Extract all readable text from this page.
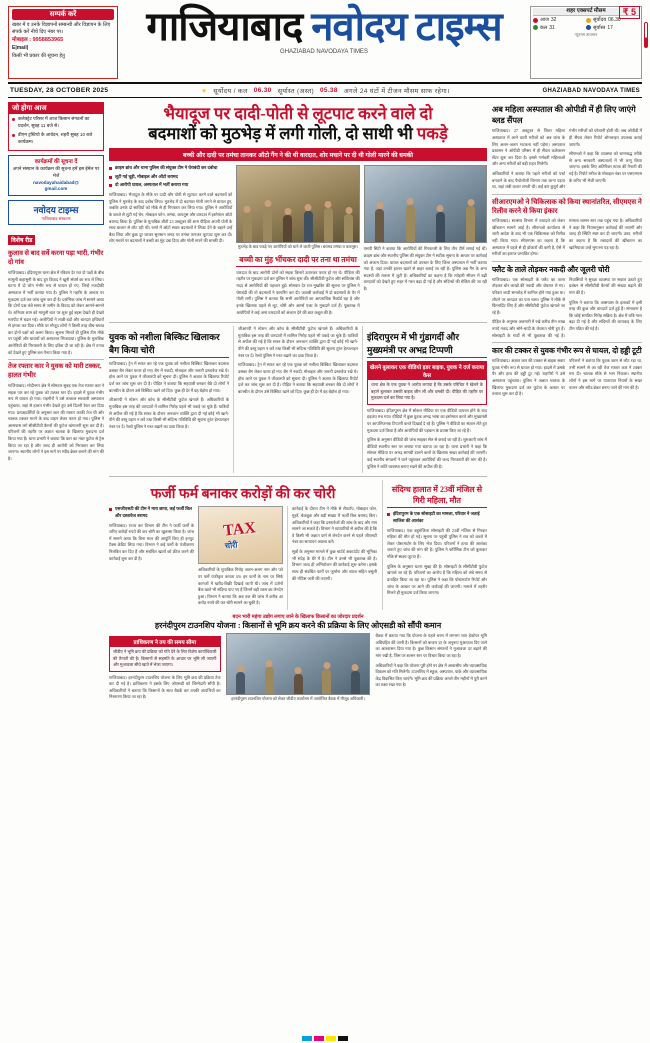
सम्पर्क करें
खबर में व उनके विज्ञापनों सम्बन्धी और विज्ञापन के लिए संपर्क करें नीचे दिए नंबर पर।
मोबाइल : 9958853965
E|mail|
किसी भी प्रकार की सूचना हेतु
गाजियाबाद नवोदय टाइम्स
GHAZIABAD NAVODAYA TIMES
शहर एक्सपर्ट मौसम
आज 32
कल 31
सूर्योदय 06.30
सूर्यास्त 17
न्यूनतम तापमान
₹ 5
TUESDAY, 28 OCTOBER 2025	☀ सूर्योदय / कल 06.30 सूर्यास्त (अस्त) 05.38 अगले 24 घंटों में टीजन मौसम साफ रहेगा।	GHAZIABAD NAVODAYA TIMES
जो होगा आज
कलेक्ट्रेट परिसर में आज किसान संगठनों का प्रदर्शन, सुबह 11 बजे से।
डीएम ट्रस्टियो के आवेदन, शहरी सुबह 10 बजे कार्यक्रम।
कार्यक्रमों की सूचना दें
अपने संस्थान के कार्यक्रम की सूचना हमें इस ईमेल पर भेजें
navodayahaidabad@
gmail.com
नवोदय टाइम्स
गाजियाबाद संस्करण
विशेष रीड
कुलाव से बाद सर्वे करना पड़ा भारी, गंभीर दो गांव

गाजियाबाद। इंदिरापुरम थाना क्षेत्र में रविवार देर रात दो पक्षों के बीच मामूली कहासुनी के बाद हुए विवाद ने खूनी संघर्ष का रूप ले लिया। घटना में दो लोग गंभीर रूप से घायल हो गए, जिन्हें नजदीकी अस्पताल में भर्ती कराया गया है। पुलिस ने तहरीर के आधार पर मुकदमा दर्ज कर जांच शुरू कर दी है। प्रारंभिक जांच में सामने आया कि दोनों पक्ष लंबे समय से जमीन के विवाद को लेकर आमने-सामने थे। शनिवार शाम को मामूली बात पर शुरू हुई बहस देखते ही देखते मारपीट में बदल गई। आरोपियों ने लाठी-डंडों और धारदार हथियारों से हमला कर दिया। मौके पर मौजूद लोगों ने किसी तरह बीच-बचाव कर दोनों पक्षों को अलग किया। सूचना मिलते ही पुलिस टीम मौके पर पहुंची और घायलों को अस्पताल भिजवाया। पुलिस के मुताबिक आरोपियों की गिरफ्तारी के लिए दबिश दी जा रही है। क्षेत्र में तनाव को देखते हुए पुलिस बल तैनात किया गया है।

तेज रफ्तार कार ने युवक को मारी टक्कर, हालत गंभीर

गाजियाबाद। मोदीनगर क्षेत्र में सोमवार सुबह एक तेज रफ्तार कार ने सड़क पार कर रहे युवक को टक्कर मार दी। हादसे में युवक गंभीर रूप से घायल हो गया। राहगीरों ने उसे तत्काल सरकारी अस्पताल पहुंचाया, जहां से हालत गंभीर देखते हुए उसे दिल्ली रेफर कर दिया गया। प्रत्यक्षदर्शियों के अनुसार कार की रफ्तार काफी तेज थी और चालक टक्कर मारने के बाद वाहन लेकर फरार हो गया। पुलिस ने आसपास लगे सीसीटीवी कैमरों की फुटेज खंगालनी शुरू कर दी है। परिजनों की तहरीर पर अज्ञात चालक के खिलाफ मुकदमा दर्ज किया गया है। थाना प्रभारी ने बताया कि कार का नंबर फुटेज से ट्रेस किया जा रहा है और जल्द ही आरोपी को गिरफ्तार कर लिया जाएगा। स्थानीय लोगों ने इस मार्ग पर स्पीड ब्रेकर बनाने की मांग की है।

भैयादूज पर दादी-पोती से लूटपाट करने वाले दो
बदमाशों को मुठभेड़ में लगी गोली, दो साथी भी पकड़े
बच्ची और दादी पर तमंचा तानकर ऑटो गैंग ने की थी वारदात, शोर मचाने पर दी थी गोली मारने की धमकी
क्राइम ब्रांच और थाना पुलिस की संयुक्त टीम ने घेराबंदी कर दबोचा
लूटी गई चूड़ी, मोबाइल और ऑटो बरामद
दो आरोपी घायल, अस्पताल में भर्ती कराया गया

गाजियाबाद। भैयादूज के मौके पर दादी और पोती से लूटपाट करने वाले बदमाशों को पुलिस ने मुठभेड़ के बाद दबोच लिया। मुठभेड़ में दो बदमाश गोली लगने से घायल हुए, जबकि उनके दो साथियों को मौके से ही गिरफ्तार कर लिया गया। पुलिस ने आरोपियों के कब्जे से लूटी गई चेन, मोबाइल फोन, तमंचा, कारतूस और वारदात में इस्तेमाल ऑटो बरामद किया है। पुलिस के मुताबिक बीती 23 अक्टूबर की शाम पीड़िता अपनी पोती के साथ बाजार से लौट रही थीं। रास्ते में ऑटो सवार बदमाशों ने लिफ्ट देने के बहाने उन्हें बैठा लिया और कुछ दूर जाकर सुनसान जगह पर तमंचा तानकर लूटपाट शुरू कर दी। शोर मचाने पर बदमाशों ने बच्ची का मुंह दबा दिया और गोली मारने की धमकी दी।

मुठभेड़ के बाद पकड़े गए आरोपियों को थाने ले जाती पुलिस। बरामद तमंचा व कारतूस।
बच्ची का मुंह भींचकर दादी पर तना था तमंचा

वारदात के बाद आरोपी दोनों को सड़क किनारे उतारकर फरार हो गए थे। पीड़िता की तहरीर पर मुकदमा दर्ज कर पुलिस ने जांच शुरू की। सीसीटीवी फुटेज और सर्विलांस की मदद से आरोपियों की पहचान हुई। सोमवार देर रात मुखबिर की सूचना पर पुलिस ने घेराबंदी की तो बदमाशों ने फायरिंग कर दी। जवाबी कार्रवाई में दो बदमाशों के पैर में गोली लगी। पुलिस ने बताया कि सभी आरोपियों का आपराधिक रिकॉर्ड रहा है और इनके खिलाफ पहले से लूट, चोरी और आर्म्स एक्ट के मुकदमे दर्ज हैं। पूछताछ में आरोपियों ने कई अन्य वारदातों को अंजाम देने की बात कबूल की है।

एसपी सिटी ने बताया कि आरोपियों की गिरफ्तारी के लिए तीन टीमें लगाई गई थीं। क्राइम ब्रांच और स्थानीय पुलिस की संयुक्त टीम ने सटीक सूचना के आधार पर कार्रवाई को अंजाम दिया। घायल बदमाशों को उपचार के लिए जिला अस्पताल में भर्ती कराया गया है, जहां उनकी हालत खतरे से बाहर बताई जा रही है। पुलिस अब गैंग के अन्य सदस्यों की तलाश में जुटी है। अधिकारियों का कहना है कि त्योहारी सीजन में बढ़ी वारदातों को देखते हुए शहर में गश्त बढ़ा दी गई है और संदिग्धों की चेकिंग की जा रही है।

युवक को नशीला बिस्किट खिलाकर बैग किया चोरी

गाजियाबाद। ट्रेन में सफर कर रहे एक युवक को नशीला बिस्किट खिलाकर बदमाश उसका बैग लेकर फरार हो गए। बैग में नकदी, मोबाइल और जरूरी दस्तावेज रखे थे। होश आने पर युवक ने जीआरपी को सूचना दी। पुलिस ने अज्ञात के खिलाफ रिपोर्ट दर्ज कर जांच शुरू कर दी है। पीड़ित ने बताया कि सहयात्री बनकर बैठे दो लोगों ने बातचीत के दौरान उसे बिस्किट खाने को दिए। कुछ ही देर में वह बेहोश हो गया।

जीआरपी ने स्टेशन और कोच के सीसीटीवी फुटेज खंगाले हैं। अधिकारियों के मुताबिक इस तरह की वारदातों में शामिल गिरोह पहले भी पकड़े जा चुके हैं। यात्रियों से अपील की गई है कि सफर के दौरान अनजान व्यक्ति द्वारा दी गई कोई भी खाने-पीने की वस्तु ग्रहण न करें तथा किसी भी संदिग्ध गतिविधि की सूचना तुरंत हेल्पलाइन नंबर पर दें। रेलवे पुलिस ने गश्त बढ़ाने का दावा किया है।

जीआरपी ने स्टेशन और कोच के सीसीटीवी फुटेज खंगाले हैं। अधिकारियों के मुताबिक इस तरह की वारदातों में शामिल गिरोह पहले भी पकड़े जा चुके हैं। यात्रियों से अपील की गई है कि सफर के दौरान अनजान व्यक्ति द्वारा दी गई कोई भी खाने-पीने की वस्तु ग्रहण न करें तथा किसी भी संदिग्ध गतिविधि की सूचना तुरंत हेल्पलाइन नंबर पर दें। रेलवे पुलिस ने गश्त बढ़ाने का दावा किया है।

गाजियाबाद। ट्रेन में सफर कर रहे एक युवक को नशीला बिस्किट खिलाकर बदमाश उसका बैग लेकर फरार हो गए। बैग में नकदी, मोबाइल और जरूरी दस्तावेज रखे थे। होश आने पर युवक ने जीआरपी को सूचना दी। पुलिस ने अज्ञात के खिलाफ रिपोर्ट दर्ज कर जांच शुरू कर दी है। पीड़ित ने बताया कि सहयात्री बनकर बैठे दो लोगों ने बातचीत के दौरान उसे बिस्किट खाने को दिए। कुछ ही देर में वह बेहोश हो गया।

इंदिरापुरम में भी गुंडागर्दी और मुख्यमंत्री पर अभद्र टिप्पणी
खेलने बुलाकर एक वीडियो इडर बाइक, युवक ने दर्ज कराया केस
थाना क्षेत्र के एक युवक ने आरोप लगाया है कि उसके परिचित ने खेलने के बहाने बुलाकर उसकी बाइक छीन ली और धमकी दी। पीड़ित की तहरीर पर मुकदमा दर्ज कर लिया गया है।

गाजियाबाद। इंदिरापुरम क्षेत्र में सोशल मीडिया पर एक वीडियो वायरल होने के बाद हड़कंप मच गया। वीडियो में कुछ युवक अभद्र भाषा का इस्तेमाल करते और मुख्यमंत्री पर आपत्तिजनक टिप्पणी करते दिखाई दे रहे हैं। पुलिस ने वीडियो का संज्ञान लेते हुए मुकदमा दर्ज किया है और आरोपियों की पहचान के प्रयास किए जा रहे हैं।

पुलिस के अनुसार वीडियो की जांच साइबर सेल से कराई जा रही है। शुरुआती जांच में वीडियो स्थानीय स्तर पर बनाया गया बताया जा रहा है। थाना प्रभारी ने कहा कि सोशल मीडिया पर अभद्र सामग्री डालने वालों के खिलाफ सख्त कार्रवाई की जाएगी। कई स्थानीय संगठनों ने थाने पहुंचकर आरोपियों की जल्द गिरफ्तारी की मांग की है। पुलिस ने शांति व्यवस्था बनाए रखने की अपील की है।

फर्जी फर्म बनाकर करोड़ों की कर चोरी
एसजीएसटी की टीम ने मारा छापा, कई फर्जी बिल और दस्तावेज बरामद

गाजियाबाद। राज्य कर विभाग की टीम ने फर्जी फर्मों के जरिए करोड़ों रुपये की कर चोरी का खुलासा किया है। जांच में सामने आया कि बिना माल की आपूर्ति किए ही इनपुट टैक्स क्रेडिट लिया गया। विभाग ने कई फर्मों के पंजीकरण निलंबित कर दिए हैं और संबंधित खातों को फ्रीज करने की कार्रवाई शुरू कर दी है।

TAX
चोरी

अधिकारियों के मुताबिक गिरोह अलग-अलग नाम और पते पर फर्में पंजीकृत कराता था। इन फर्मों के नाम पर सिर्फ कागजों में खरीद-बिक्री दिखाई जाती थी। जांच में दर्जनों बैंक खाते भी संदिग्ध पाए गए हैं जिनमें बड़ी रकम का लेनदेन हुआ। विभाग ने बताया कि अब तक की जांच में करीब 40 करोड़ रुपये की कर चोरी सामने आ चुकी है।

कार्रवाई के दौरान टीम ने मौके से लैपटॉप, मोबाइल फोन, मुहरें, चेकबुक और बड़ी संख्या में फर्जी बिल बरामद किए। अधिकारियों ने कहा कि दस्तावेजों की जांच के बाद और नाम सामने आ सकते हैं। विभाग ने व्यापारियों से अपील की है कि वे किसी भी अज्ञात फर्म से लेनदेन करने से पहले जीएसटी नंबर का सत्यापन अवश्य करें।

सूत्रों के अनुसार मामले में कुछ चार्टर्ड अकाउंटेंट की भूमिका भी संदेह के घेरे में है। टीम ने उनसे भी पूछताछ की है। विभाग जल्द ही अभियोजन की कार्रवाई शुरू करेगा। इसके साथ ही संबंधित फर्मों पर जुर्माना और ब्याज सहित वसूली की नोटिस जारी की जाएगी।

संदिग्ध हालात में 23वीं मंजिल से गिरी महिला, मौत
इंदिरापुरम के एक सोसाइटी का मामला, परिवार ने जताई साजिश की आशंका

गाजियाबाद। एक बहुमंजिला सोसाइटी की 23वीं मंजिल से गिरकर महिला की मौत हो गई। सूचना पर पहुंची पुलिस ने शव को कब्जे में लेकर पोस्टमार्टम के लिए भेज दिया। परिजनों ने हत्या की आशंका जताते हुए जांच की मांग की है। पुलिस ने फॉरेंसिक टीम को बुलाकर मौके से साक्ष्य जुटाए हैं।

पुलिस के अनुसार घटना सुबह की है। सोसाइटी के सीसीटीवी फुटेज खंगाले जा रहे हैं। परिजनों का आरोप है कि महिला को लंबे समय से प्रताड़ित किया जा रहा था। पुलिस ने कहा कि पोस्टमार्टम रिपोर्ट और जांच के आधार पर आगे की कार्रवाई की जाएगी। मामले में तहरीर मिलते ही मुकदमा दर्ज किया जाएगा।

बदन भारी महंगा उद्योग लगाए जाने के खिलाफ किसानों का जोरदार प्रदर्शन
हरनंदीपुरम टाउनशिप योजना : किसानों से भूमि क्रय करने की प्रक्रिया के लिए ओएसडी को सौंपी कमान
प्राधिकरण ने तय की समय सीमा
जीडीए ने भूमि क्रय की प्रक्रिया को गति देने के लिए विशेष कार्याधिकारी की तैनाती की है। किसानों से सहमति के आधार पर भूमि ली जाएगी और मुआवजा सीधे खाते में भेजा जाएगा।

गाजियाबाद। हरनंदीपुरम टाउनशिप योजना के लिए भूमि क्रय की प्रक्रिया तेज कर दी गई है। प्राधिकरण ने इसके लिए ओएसडी को जिम्मेदारी सौंपी है। अधिकारियों ने बताया कि किसानों के साथ बैठकें कर उनकी आपत्तियों का निस्तारण किया जा रहा है।	हरनंदीपुरम टाउनशिप योजना को लेकर जीडीए कार्यालय में आयोजित बैठक में मौजूद अधिकारी।

बैठक में बताया गया कि योजना के पहले चरण में लगभग 500 हेक्टेयर भूमि अधिग्रहित की जानी है। किसानों को बाजार दर के अनुरूप मुआवजा दिए जाने का आश्वासन दिया गया है। कुछ किसान संगठनों ने मुआवजा दर बढ़ाने की मांग रखी है, जिस पर शासन स्तर पर विचार किया जा रहा है।

अधिकारियों ने कहा कि योजना पूरी होने पर क्षेत्र में आवासीय और व्यावसायिक विकास को गति मिलेगी। टाउनशिप में स्कूल, अस्पताल, पार्क और व्यावसायिक केंद्र विकसित किए जाएंगे। भूमि क्रय की प्रक्रिया अगले तीन महीनों में पूरी करने का लक्ष्य रखा गया है।

अब महिला अस्पताल की ओपीडी में ही लिए जाएंगे ब्लड सैंपल

गाजियाबाद। 27 अक्टूबर से जिला महिला अस्पताल में आने वाली मरीजों को अब जांच के लिए अलग-अलग भटकना नहीं पड़ेगा। अस्पताल प्रशासन ने ओपीडी परिसर में ही सैंपल कलेक्शन सेंटर शुरू कर दिया है। इससे गर्भवती महिलाओं और अन्य मरीजों को बड़ी राहत मिलेगी।

अधिकारियों ने बताया कि पहले मरीजों को पर्चा बनवाने के बाद पैथोलॉजी विभाग तक जाना पड़ता था, जहां लंबी कतार लगती थी। कई बार बुजुर्ग और गंभीर मरीजों को परेशानी होती थी। अब ओपीडी में ही सैंपल लेकर रिपोर्ट ऑनलाइन उपलब्ध कराई जाएगी।

सीएमओ ने कहा कि व्यवस्था को चरणबद्ध तरीके से अन्य सरकारी अस्पतालों में भी लागू किया जाएगा। इसके लिए अतिरिक्त स्टाफ की तैनाती की गई है। रिपोर्ट मरीज के मोबाइल नंबर पर एसएमएस के जरिए भी भेजी जाएगी।

सीआरएमओ ने चिकित्सक को किया स्थानांतरित, सीएमएस ने रिलीव करने से किया इंकार

गाजियाबाद। स्वास्थ्य विभाग में तबादले को लेकर खींचतान सामने आई है। सीएमओ कार्यालय से जारी आदेश के बाद भी एक चिकित्सक को रिलीव नहीं किया गया। सीएमएस का कहना है कि अस्पताल में पहले से ही डॉक्टरों की कमी है, ऐसे में मरीजों का इलाज प्रभावित होगा।

मामला शासन स्तर तक पहुंच गया है। अधिकारियों ने कहा कि नियमानुसार कार्रवाई की जाएगी और जल्द ही स्थिति स्पष्ट कर दी जाएगी। उधर, मरीजों का कहना है कि तबादलों की खींचतान का खामियाजा उन्हें भुगतना पड़ रहा है।

फ्लैट के ताले तोड़कर नकदी और जूलरी चोरी

गाजियाबाद। एक सोसाइटी के फ्लैट का ताला तोड़कर चोर लाखों की नकदी और जेवरात ले गए। परिवार शादी समारोह में शामिल होने गया हुआ था। लौटने पर वारदात का पता चला। पुलिस ने मौके से फिंगरप्रिंट लिए हैं और सीसीटीवी फुटेज खंगाले जा रहे हैं।

पीड़ित के अनुसार अलमारी में रखे करीब तीन लाख रुपये नकद और सोने-चांदी के जेवरात चोरी हुए हैं। सोसाइटी के गार्डों से भी पूछताछ की गई है। निवासियों ने सुरक्षा व्यवस्था पर सवाल उठाते हुए प्रबंधन से सीसीटीवी कैमरों की संख्या बढ़ाने की मांग की है।

पुलिस ने बताया कि आसपास के इलाकों में इसी तरह की कुछ और वारदातें दर्ज हुई हैं। संभावना है कि कोई संगठित गिरोह सक्रिय है। क्षेत्र में रात्रि गश्त बढ़ा दी गई है और संदिग्धों की धरपकड़ के लिए टीम गठित की गई है।

कार की टक्कर से युवक गंभीर रूप से घायल, दो हड्डी टूटी

गाजियाबाद। अज्ञात कार की टक्कर से बाइक सवार युवक गंभीर रूप से घायल हो गया। हादसे में उसके पैर और हाथ की हड्डी टूट गई। राहगीरों ने उसे अस्पताल पहुंचाया। पुलिस ने अज्ञात चालक के खिलाफ मुकदमा दर्ज कर फुटेज के आधार पर तलाश शुरू कर दी है।

परिजनों ने बताया कि युवक काम से लौट रहा था, तभी सामने से आ रही तेज रफ्तार कार ने टक्कर मार दी। चालक मौके से भाग निकला। स्थानीय लोगों ने इस मार्ग पर यातायात नियमों के सख्त पालन और स्पीड ब्रेकर बनाए जाने की मांग की है।
